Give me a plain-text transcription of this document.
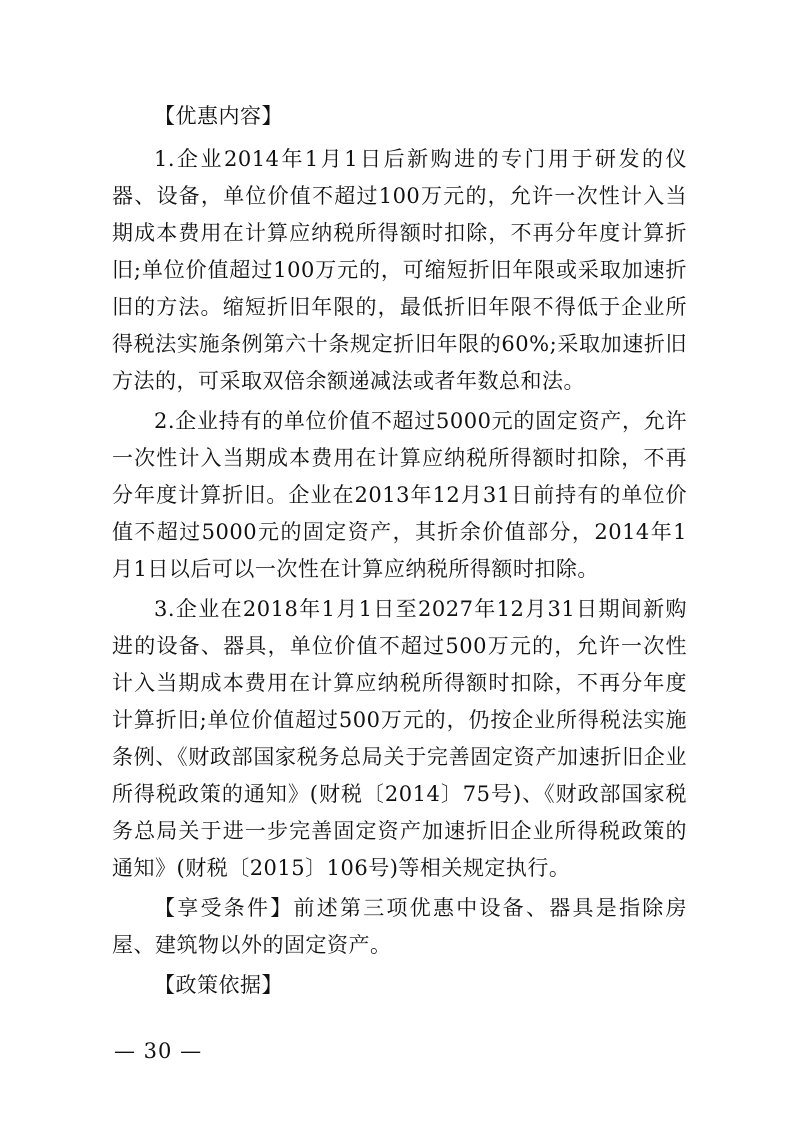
【优惠内容】

1.企业2014年1月1日后新购进的专门用于研发的仪器、设备，单位价值不超过100万元的，允许一次性计入当期成本费用在计算应纳税所得额时扣除，不再分年度计算折旧;单位价值超过100万元的，可缩短折旧年限或采取加速折旧的方法。缩短折旧年限的，最低折旧年限不得低于企业所得税法实施条例第六十条规定折旧年限的60%;采取加速折旧方法的，可采取双倍余额递减法或者年数总和法。

2.企业持有的单位价值不超过5000元的固定资产，允许一次性计入当期成本费用在计算应纳税所得额时扣除，不再分年度计算折旧。企业在2013年12月31日前持有的单位价值不超过5000元的固定资产，其折余价值部分，2014年1月1日以后可以一次性在计算应纳税所得额时扣除。

3.企业在2018年1月1日至2027年12月31日期间新购进的设备、器具，单位价值不超过500万元的，允许一次性计入当期成本费用在计算应纳税所得额时扣除，不再分年度计算折旧;单位价值超过500万元的，仍按企业所得税法实施条例、《财政部国家税务总局关于完善固定资产加速折旧企业所得税政策的通知》(财税〔2014〕75号)、《财政部国家税务总局关于进一步完善固定资产加速折旧企业所得税政策的通知》(财税〔2015〕106号)等相关规定执行。

【享受条件】前述第三项优惠中设备、器具是指除房屋、建筑物以外的固定资产。

【政策依据】

— 30 —
